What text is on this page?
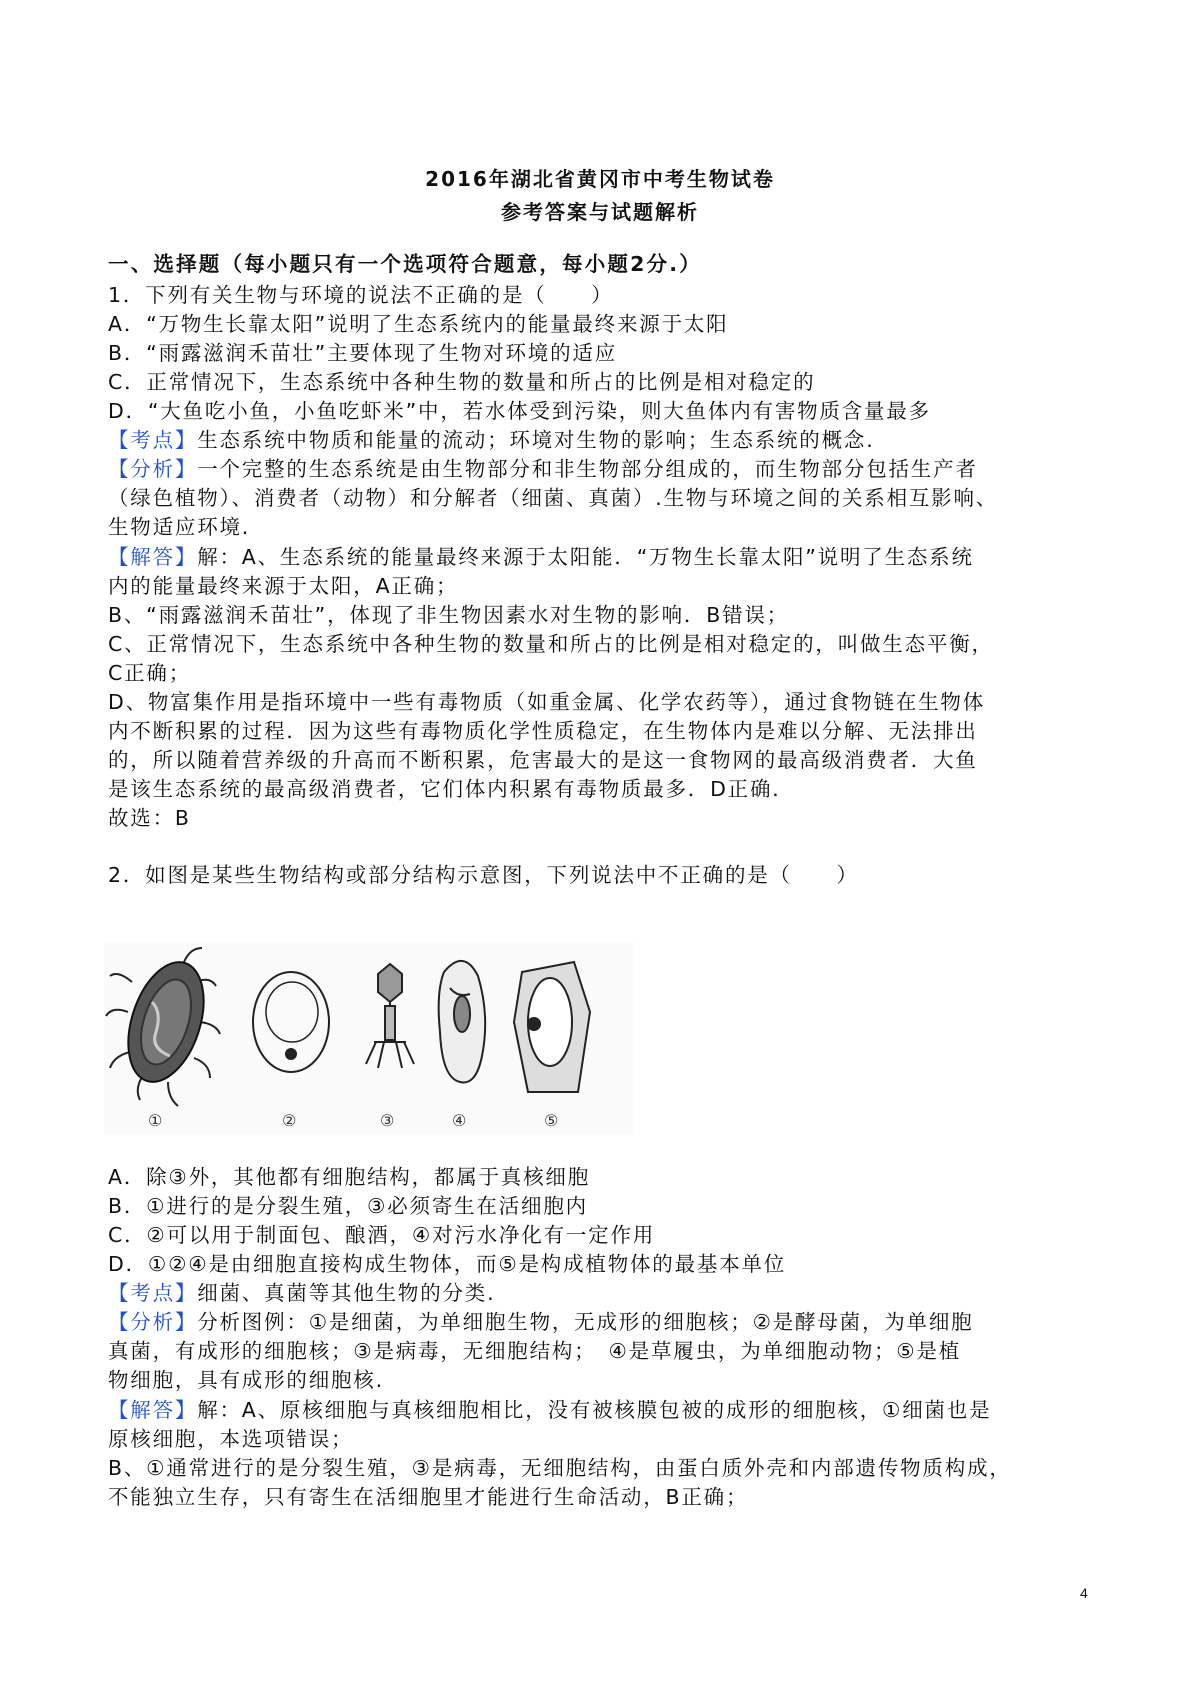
2016年湖北省黄冈市中考生物试卷
参考答案与试题解析
一、选择题（每小题只有一个选项符合题意，每小题2分.）
1．下列有关生物与环境的说法不正确的是（　　）
A．“万物生长靠太阳”说明了生态系统内的能量最终来源于太阳
B．“雨露滋润禾苗壮”主要体现了生物对环境的适应
C．正常情况下，生态系统中各种生物的数量和所占的比例是相对稳定的
D．“大鱼吃小鱼，小鱼吃虾米”中，若水体受到污染，则大鱼体内有害物质含量最多
【考点】生态系统中物质和能量的流动；环境对生物的影响；生态系统的概念.
【分析】一个完整的生态系统是由生物部分和非生物部分组成的，而生物部分包括生产者
（绿色植物）、消费者（动物）和分解者（细菌、真菌）.生物与环境之间的关系相互影响、
生物适应环境.
【解答】解：A、生态系统的能量最终来源于太阳能．“万物生长靠太阳”说明了生态系统
内的能量最终来源于太阳，A正确；
B、“雨露滋润禾苗壮”，体现了非生物因素水对生物的影响．B错误；
C、正常情况下，生态系统中各种生物的数量和所占的比例是相对稳定的，叫做生态平衡，
C正确；
D、物富集作用是指环境中一些有毒物质（如重金属、化学农药等），通过食物链在生物体
内不断积累的过程．因为这些有毒物质化学性质稳定，在生物体内是难以分解、无法排出
的，所以随着营养级的升高而不断积累，危害最大的是这一食物网的最高级消费者．大鱼
是该生态系统的最高级消费者，它们体内积累有毒物质最多．D正确．
故选：B
2．如图是某些生物结构或部分结构示意图，下列说法中不正确的是（　　）
①	②	③	④	⑤
A．除③外，其他都有细胞结构，都属于真核细胞
B．①进行的是分裂生殖，③必须寄生在活细胞内
C．②可以用于制面包、酿酒，④对污水净化有一定作用
D．①②④是由细胞直接构成生物体，而⑤是构成植物体的最基本单位
【考点】细菌、真菌等其他生物的分类.
【分析】分析图例：①是细菌，为单细胞生物，无成形的细胞核；②是酵母菌，为单细胞
真菌，有成形的细胞核；③是病毒，无细胞结构；　④是草履虫，为单细胞动物；⑤是植
物细胞，具有成形的细胞核.
【解答】解：A、原核细胞与真核细胞相比，没有被核膜包被的成形的细胞核，①细菌也是
原核细胞，本选项错误；
B、①通常进行的是分裂生殖，③是病毒，无细胞结构，由蛋白质外壳和内部遗传物质构成，
不能独立生存，只有寄生在活细胞里才能进行生命活动，B正确；
4
